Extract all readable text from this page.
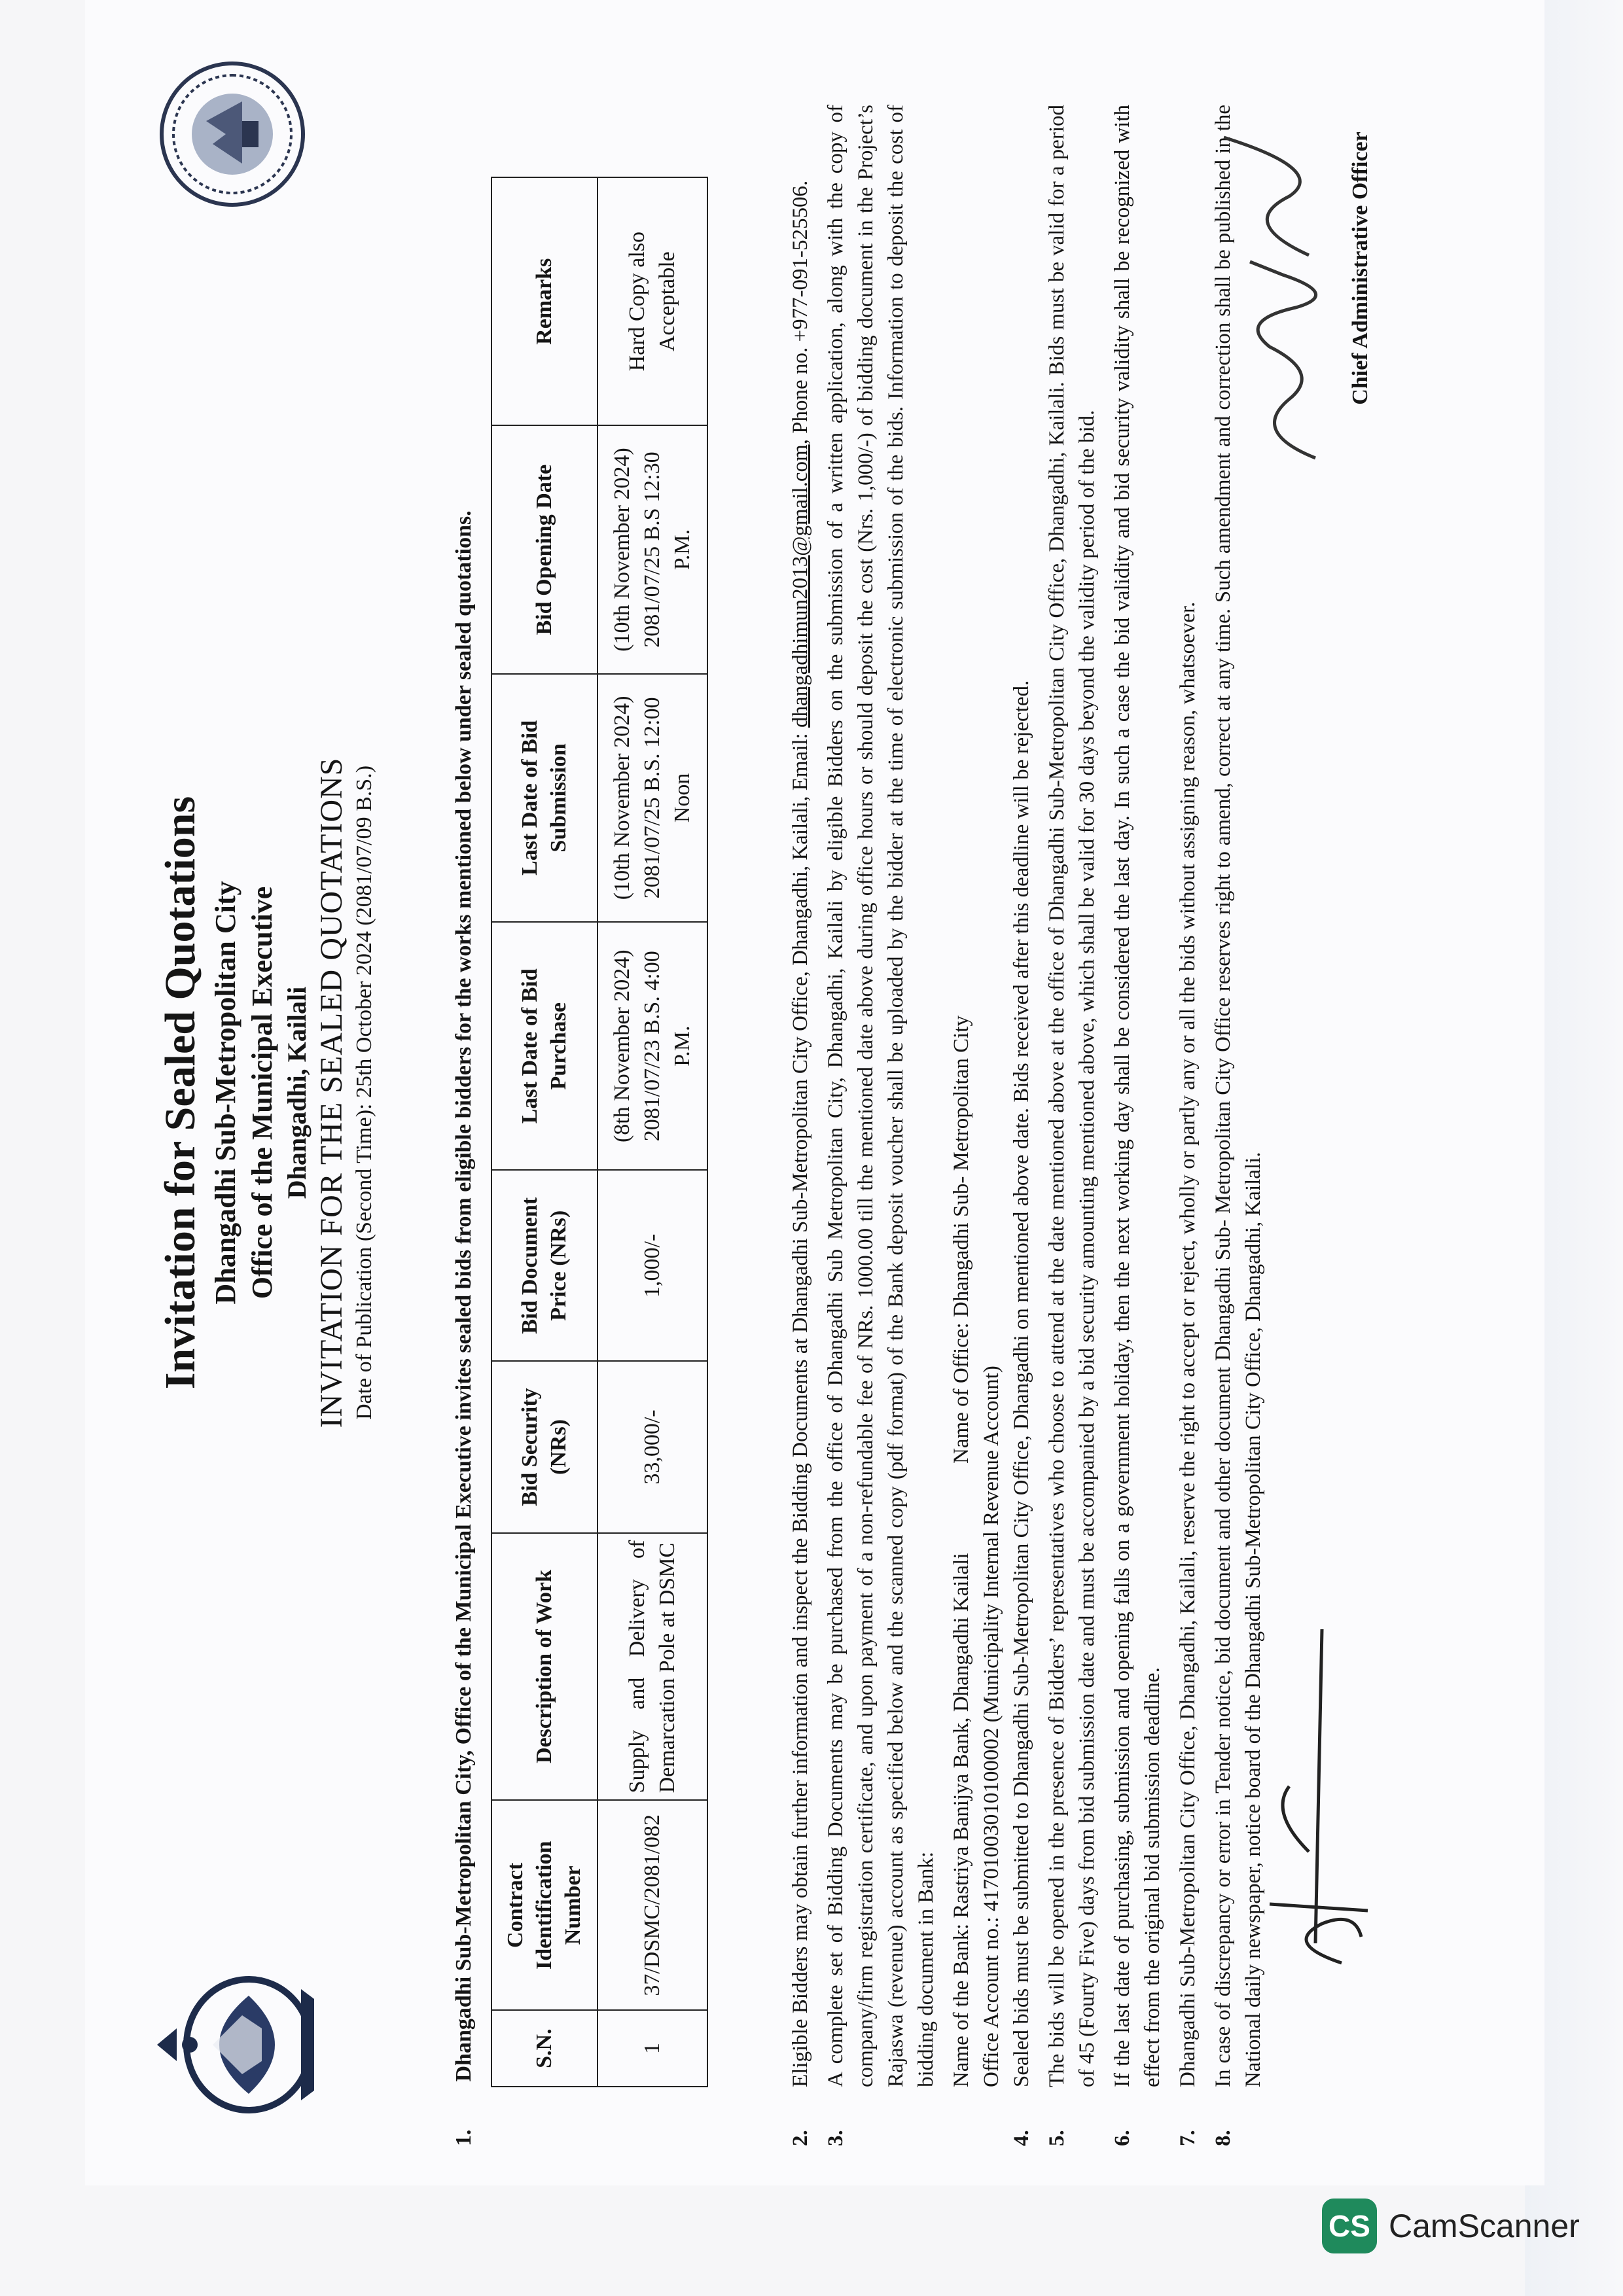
Invitation for Sealed Quotations Dhangadhi Sub-Metropolitan City Office of the Municipal Executive Dhangadhi, Kailali INVITATION FOR THE SEALED QUOTATIONS Date of Publication (Second Time): 25th October 2024 (2081/07/09 B.S.)
1. Dhangadhi Sub-Metropolitan City, Office of the Municipal Executive invites sealed bids from eligible bidders for the works mentioned below under sealed quotations.	S.N.	Contract Identification Number	Description of Work	Bid Security (NRs)	Bid Document Price (NRs)	Last Date of Bid Purchase	Last Date of Bid Submission	Bid Opening Date	Remarks
1	37/DSMC/2081/082	Supply and Delivery of Demarcation Pole at DSMC	33,000/-	1,000/-	(8th November 2024) 2081/07/23 B.S. 4:00 P.M.	(10th November 2024) 2081/07/25 B.S. 12:00 Noon	(10th November 2024) 2081/07/25 B.S 12:30 P.M.	Hard Copy also Acceptable
2.
Eligible Bidders may obtain further information and inspect the Bidding Documents at Dhangadhi Sub-Metropolitan City Office, Dhangadhi, Kailali, Email: dhangadhimun2013@gmail.com, Phone no. +977-091-525506.
3.
A complete set of Bidding Documents may be purchased from the office of Dhangadhi Sub Metropolitan City, Dhangadhi, Kailali by eligible Bidders on the submission of a written application, along with the copy of company/firm registration certificate, and upon payment of a non-refundable fee of NRs. 1000.00 till the mentioned date above during office hours or should deposit the cost (Nrs. 1,000/-) of bidding document in the Project’s Rajaswa (revenue) account as specified below and the scanned copy (pdf format) of the Bank deposit voucher shall be uploaded by the bidder at the time of electronic submission of the bids. Information to deposit the cost of bidding document in Bank: Name of the Bank: Rastriya Banijya Bank, Dhangadhi Kailali  Name of Office: Dhangadhi Sub- Metropolitan City
Office Account no.: 41701003010100002 (Municipality Internal Revenue Account)
4.
Sealed bids must be submitted to Dhangadhi Sub-Metropolitan City Office, Dhangadhi on mentioned above date. Bids received after this deadline will be rejected.
5.
The bids will be opened in the presence of Bidders’ representatives who choose to attend at the date mentioned above at the office of Dhangadhi Sub-Metropolitan City Office, Dhangadhi, Kailali. Bids must be valid for a period of 45 (Fourty Five) days from bid submission date and must be accompanied by a bid security amounting mentioned above, which shall be valid for 30 days beyond the validity period of the bid.
6.
If the last date of purchasing, submission and opening falls on a government holiday, then the next working day shall be considered the last day. In such a case the bid validity and bid security validity shall be recognized with effect from the original bid submission deadline.
7.
Dhangadhi Sub-Metropolitan City Office, Dhangadhi, Kailali, reserve the right to accept or reject, wholly or partly any or all the bids without assigning reason, whatsoever.
8.
In case of discrepancy or error in Tender notice, bid document and other document Dhangadhi Sub- Metropolitan City Office reserves right to amend, correct at any time. Such amendment and correction shall be published in the National daily newspaper, notice board of the Dhangadhi Sub-Metropolitan City Office, Dhangadhi, Kailali.
Chief Administrative Officer
CS CamScanner
